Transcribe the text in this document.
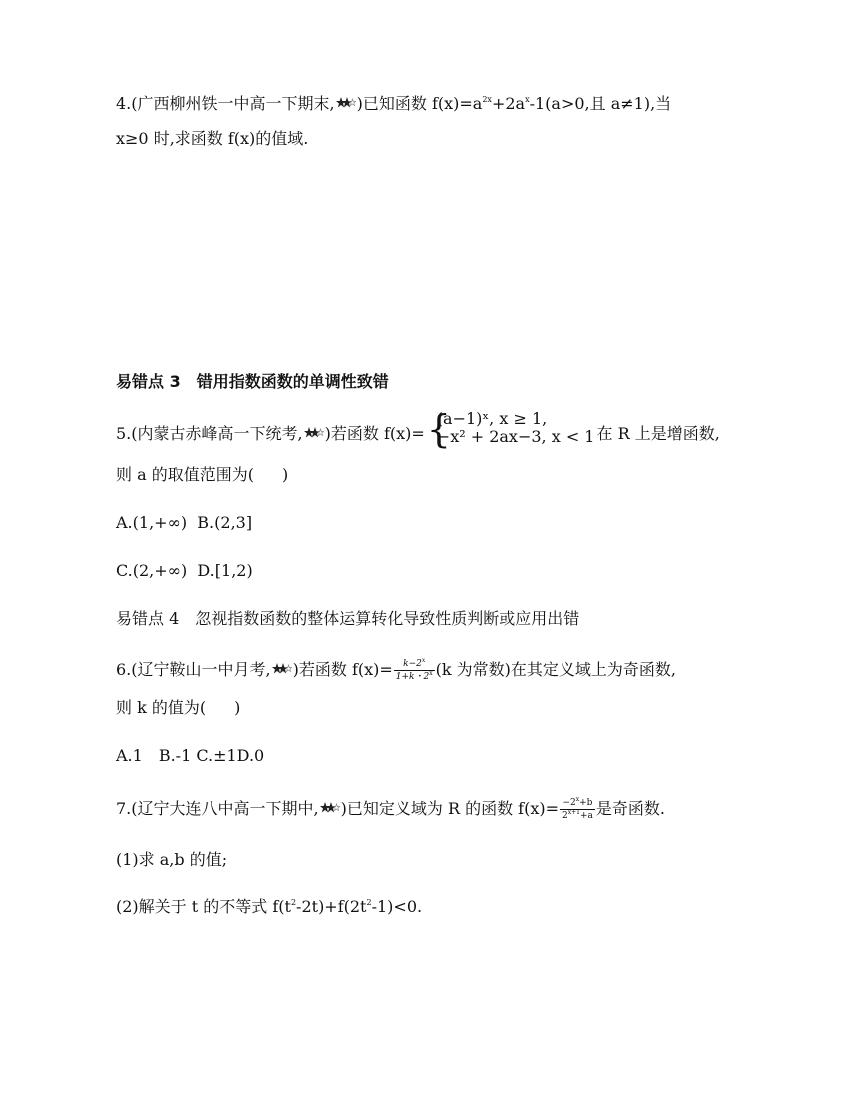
4.(广西柳州铁一中高一下期末, )已知函数 $f(x)=a^{2x}+2a^x-1(a>0$,且 a≠1),当
x≥0 时,求函数 f(x)的值域.
易错点 3　错用指数函数的单调性致错
5.(内蒙古赤峰高一下统考, )若函数 f(x)= {
(a−1)ˣ, x ≥ 1,
−x² + 2ax−3, x < 1 在 R 上是增函数,
则 a 的取值范围为( )
A.(1,+∞) B.(2,3]
C.(2,+∞) D.[1,2)
易错点 4　忽视指数函数的整体运算转化导致性质判断或应用出错
6.(辽宁鞍山一中月考, )若函数 $f(x)= \frac{k-2^x}{1+k・2^x} (k$ 为常数)在其定义域上为奇函数,
则 k 的值为( )
A.1　B.-1 C.±1D.0
7.(辽宁大连八中高一下期中, )已知定义域为 R 的函数 $f(x)= \frac{-2^x+b}{2^{x+1}+a}$ 是奇函数.
(1)求 a,b 的值;
(2)解关于 t 的不等式 $f(t^2-2t)+f(2t^2-1)<0$.
